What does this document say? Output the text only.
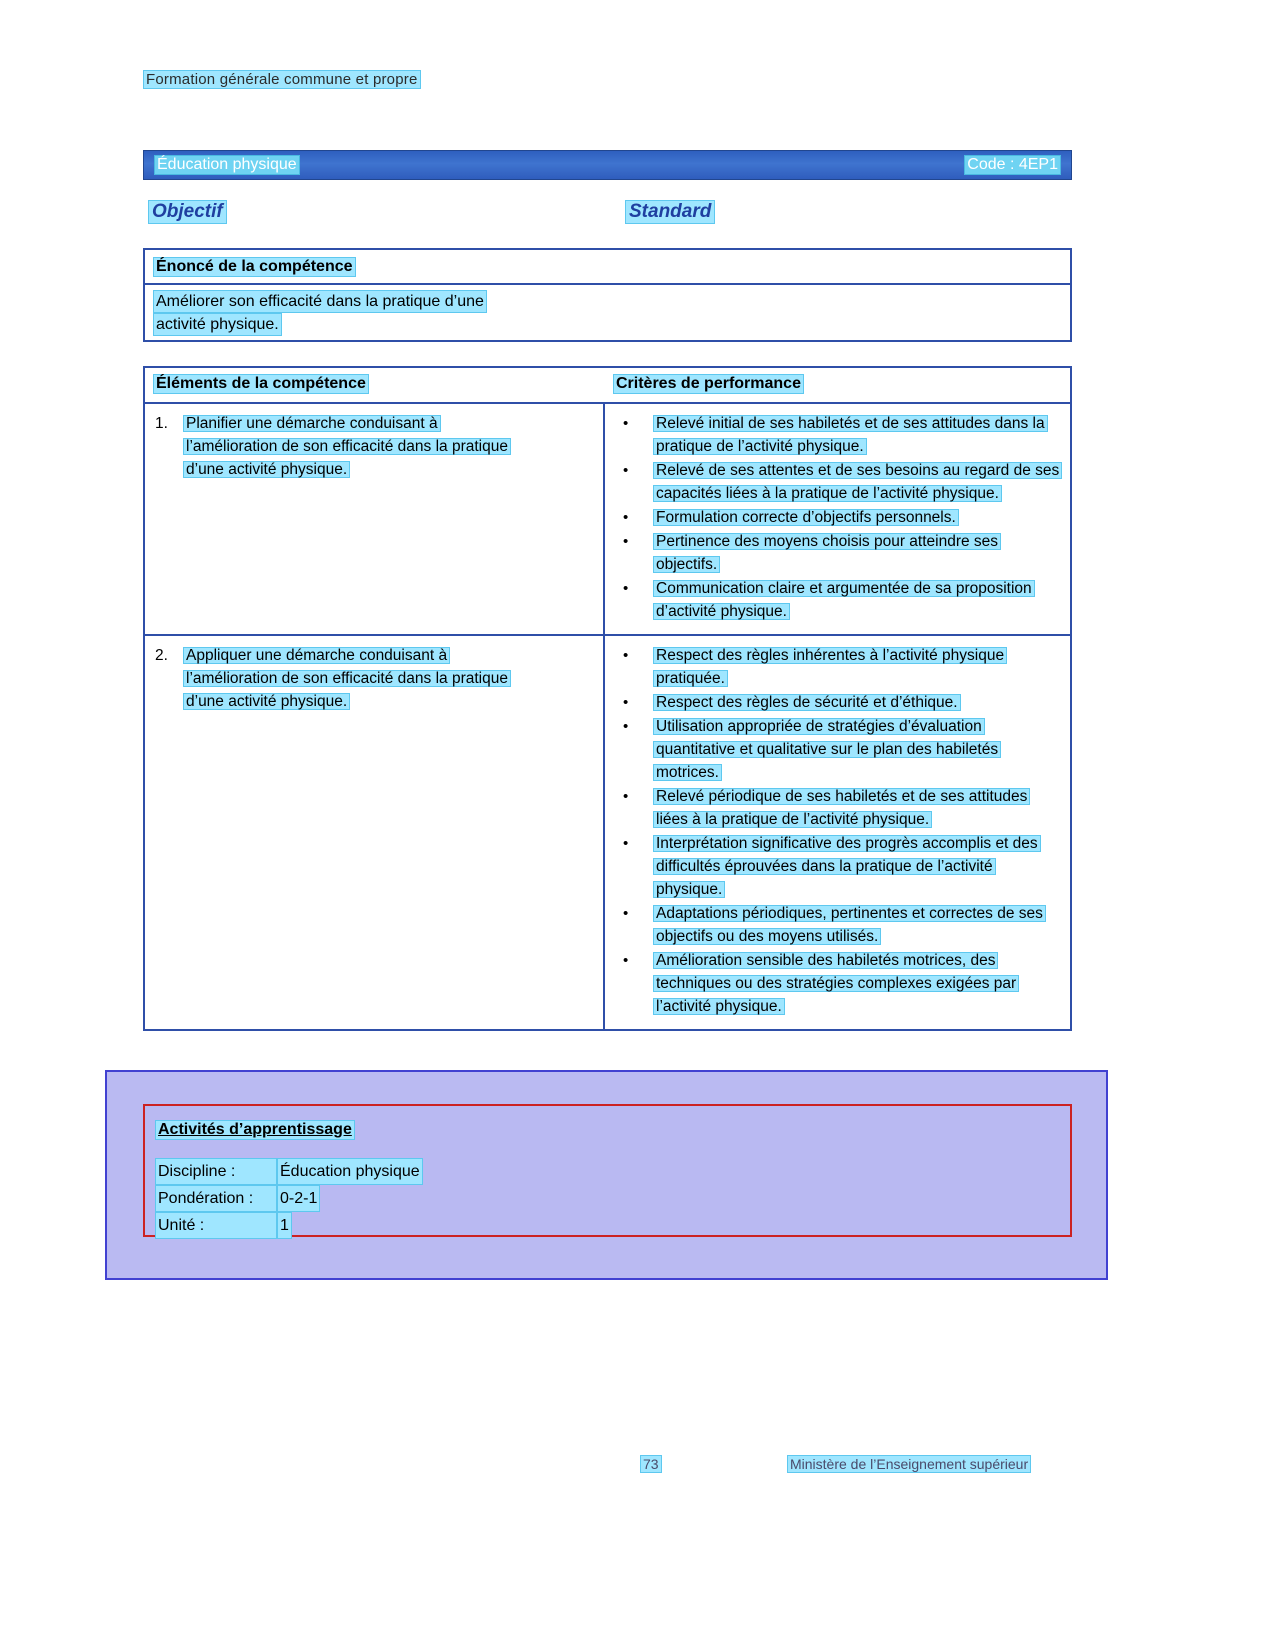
Formation générale commune et propre
Éducation physique	Code : 4EP1
Objectif	Standard
Énoncé de la compétence
Améliorer son efficacité dans la pratique d’une
activité physique.
Éléments de la compétence	Critères de performance
1.	Planifier une démarche conduisant à
l’amélioration de son efficacité dans la pratique
d’une activité physique.
• Relevé initial de ses habiletés et de ses attitudes dans la pratique de l’activité physique.
• Relevé de ses attentes et de ses besoins au regard de ses capacités liées à la pratique de l’activité physique.
• Formulation correcte d’objectifs personnels.
• Pertinence des moyens choisis pour atteindre ses objectifs.
• Communication claire et argumentée de sa proposition d’activité physique.
2.	Appliquer une démarche conduisant à
l’amélioration de son efficacité dans la pratique
d’une activité physique.
• Respect des règles inhérentes à l’activité physique pratiquée.
• Respect des règles de sécurité et d’éthique.
• Utilisation appropriée de stratégies d’évaluation quantitative et qualitative sur le plan des habiletés motrices.
• Relevé périodique de ses habiletés et de ses attitudes liées à la pratique de l’activité physique.
• Interprétation significative des progrès accomplis et des difficultés éprouvées dans la pratique de l’activité physique.
• Adaptations périodiques, pertinentes et correctes de ses objectifs ou des moyens utilisés.
• Amélioration sensible des habiletés motrices, des techniques ou des stratégies complexes exigées par l’activité physique.
Activités d’apprentissage
Discipline :	Éducation physique
Pondération : 0-2-1
Unité :	1
73	Ministère de l’Enseignement supérieur
